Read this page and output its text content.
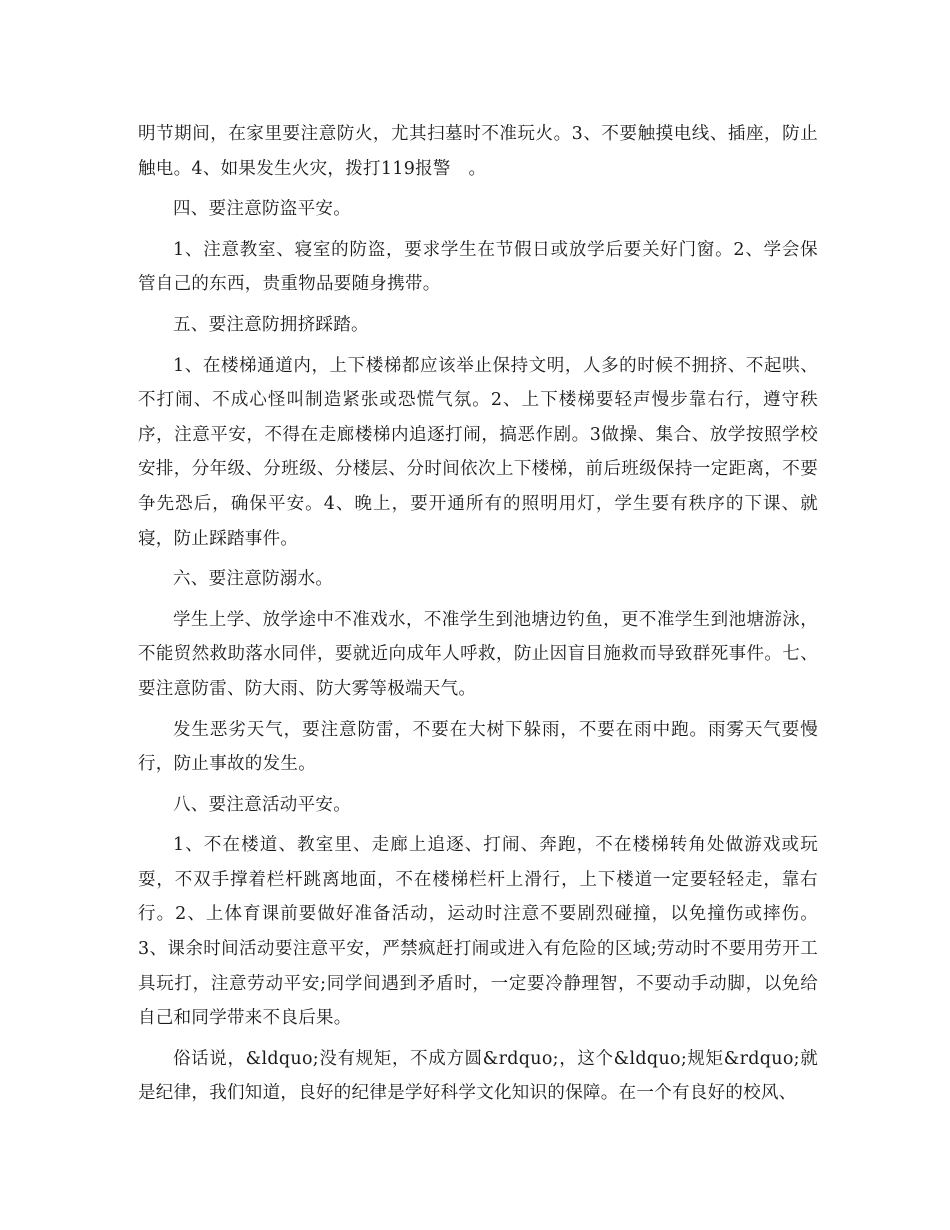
明节期间，在家里要注意防火，尤其扫墓时不准玩火。3、不要触摸电线、插座，防止触电。4、如果发生火灾，拨打119报警　。

四、要注意防盗平安。

1、注意教室、寝室的防盗，要求学生在节假日或放学后要关好门窗。2、学会保管自己的东西，贵重物品要随身携带。

五、要注意防拥挤踩踏。

1、在楼梯通道内，上下楼梯都应该举止保持文明，人多的时候不拥挤、不起哄、不打闹、不成心怪叫制造紧张或恐慌气氛。2、上下楼梯要轻声慢步靠右行，遵守秩序，注意平安，不得在走廊楼梯内追逐打闹，搞恶作剧。3做操、集合、放学按照学校安排，分年级、分班级、分楼层、分时间依次上下楼梯，前后班级保持一定距离，不要争先恐后，确保平安。4、晚上，要开通所有的照明用灯，学生要有秩序的下课、就寝，防止踩踏事件。

六、要注意防溺水。

学生上学、放学途中不准戏水，不准学生到池塘边钓鱼，更不准学生到池塘游泳，不能贸然救助落水同伴，要就近向成年人呼救，防止因盲目施救而导致群死事件。七、要注意防雷、防大雨、防大雾等极端天气。

发生恶劣天气，要注意防雷，不要在大树下躲雨，不要在雨中跑。雨雾天气要慢行，防止事故的发生。

八、要注意活动平安。

1、不在楼道、教室里、走廊上追逐、打闹、奔跑，不在楼梯转角处做游戏或玩耍，不双手撑着栏杆跳离地面，不在楼梯栏杆上滑行，上下楼道一定要轻轻走，靠右行。2、上体育课前要做好准备活动，运动时注意不要剧烈碰撞，以免撞伤或摔伤。3、课余时间活动要注意平安，严禁疯赶打闹或进入有危险的区域;劳动时不要用劳开工具玩打，注意劳动平安;同学间遇到矛盾时，一定要冷静理智，不要动手动脚，以免给自己和同学带来不良后果。

俗话说，&ldquo;没有规矩，不成方圆&rdquo;，这个&ldquo;规矩&rdquo;就是纪律，我们知道，良好的纪律是学好科学文化知识的保障。在一个有良好的校风、
